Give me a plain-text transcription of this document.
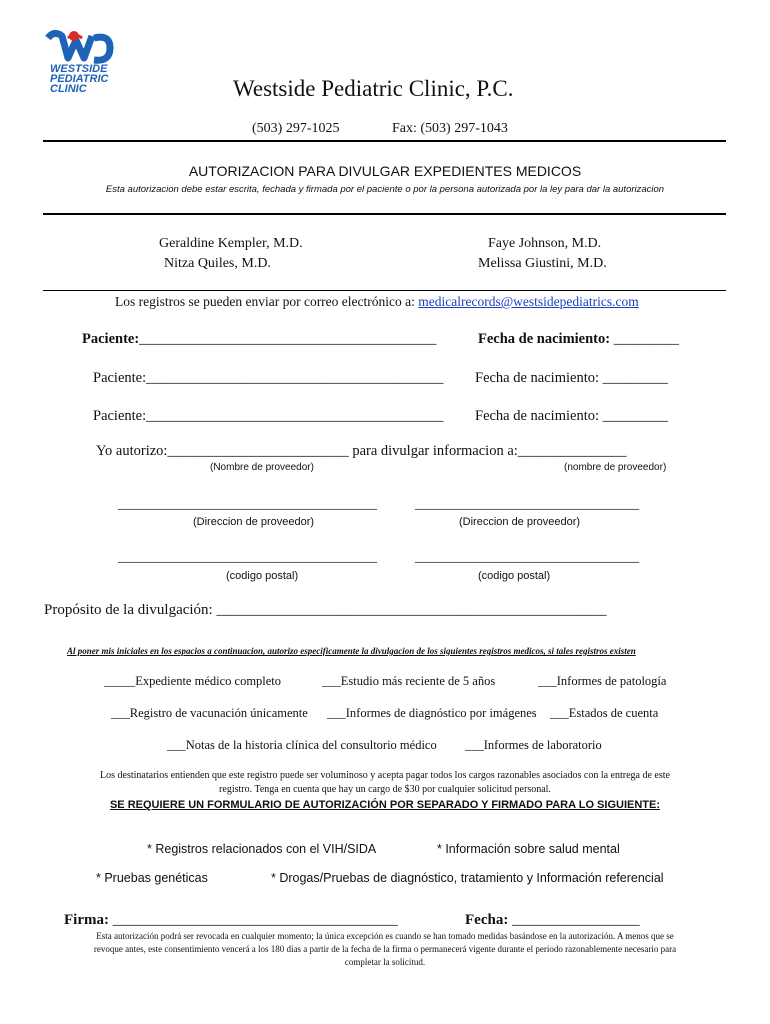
WESTSIDE
PEDIATRIC
CLINIC	Westside Pediatric Clinic, P.C.
(503) 297-1025	Fax: (503) 297-1043
AUTORIZACION PARA DIVULGAR EXPEDIENTES MEDICOS
Esta autorizacion debe estar escrita, fechada y firmada por el paciente o por la persona autorizada por la ley para dar la autorizacion
Geraldine Kempler, M.D.
Nitza Quiles, M.D.
Faye Johnson, M.D.
Melissa Giustini, M.D.
Los registros se pueden enviar por correo electrónico a: medicalrecords@westsidepediatrics.com
Paciente:_________________________________________	Fecha de nacimiento: _________
Paciente:_________________________________________ Fecha de nacimiento: _________
Paciente:_________________________________________ Fecha de nacimiento: _________
Yo autorizo:_________________________ para divulgar informacion a:_______________
(Nombre de proveedor)	(nombre de proveedor)
_____________________________________	________________________________
(Direccion de proveedor)	(Direccion de proveedor)
_____________________________________	________________________________
(codigo postal)	(codigo postal)
Propósito de la divulgación: ____________________________________________________
Al poner mis iniciales en los espacios a continuacion, autorizo especificamente la divulgacion de los siguientes registros medicos, si tales registros existen
_____Expediente médico completo	___Estudio más reciente de 5 años	___Informes de patología
___Registro de vacunación únicamente ___Informes de diagnóstico por imágenes ___Estados de cuenta
___Notas de la historia clínica del consultorio médico ___Informes de laboratorio
Los destinatarios entienden que este registro puede ser voluminoso y acepta pagar todos los cargos razonables asociados con la entrega de este
registro. Tenga en cuenta que hay un cargo de $30 por cualquier solicitud personal.
SE REQUIERE UN FORMULARIO DE AUTORIZACIÓN POR SEPARADO Y FIRMADO PARA LO SIGUIENTE:
* Registros relacionados con el VIH/SIDA	* Información sobre salud mental
* Pruebas genéticas	* Drogas/Pruebas de diagnóstico, tratamiento y Información referencial
Firma: ______________________________________	Fecha: _________________
Esta autorización podrá ser revocada en cualquier momento; la única excepción es cuando se han tomado medidas basándose en la autorización. A menos que se
revoque antes, este consentimiento vencerá a los 180 días a partir de la fecha de la firma o permanecerá vigente durante el período razonablemente necesario para
completar la solicitud.
